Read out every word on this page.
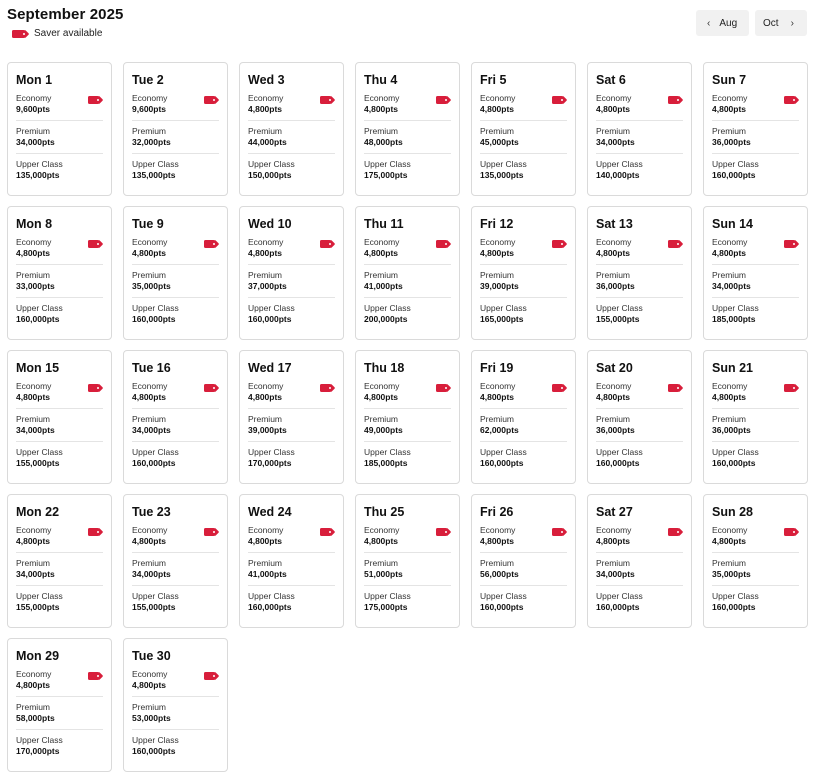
September 2025
Saver available
‹ Aug	Oct ›
Mon 1
Economy
9,600pts
Premium
34,000pts
Upper Class
135,000pts
Tue 2
Economy
9,600pts
Premium
32,000pts
Upper Class
135,000pts
Wed 3
Economy
4,800pts
Premium
44,000pts
Upper Class
150,000pts
Thu 4
Economy
4,800pts
Premium
48,000pts
Upper Class
175,000pts
Fri 5
Economy
4,800pts
Premium
45,000pts
Upper Class
135,000pts
Sat 6
Economy
4,800pts
Premium
34,000pts
Upper Class
140,000pts
Sun 7
Economy
4,800pts
Premium
36,000pts
Upper Class
160,000pts
Mon 8
Economy
4,800pts
Premium
33,000pts
Upper Class
160,000pts
Tue 9
Economy
4,800pts
Premium
35,000pts
Upper Class
160,000pts
Wed 10
Economy
4,800pts
Premium
37,000pts
Upper Class
160,000pts
Thu 11
Economy
4,800pts
Premium
41,000pts
Upper Class
200,000pts
Fri 12
Economy
4,800pts
Premium
39,000pts
Upper Class
165,000pts
Sat 13
Economy
4,800pts
Premium
36,000pts
Upper Class
155,000pts
Sun 14
Economy
4,800pts
Premium
34,000pts
Upper Class
185,000pts
Mon 15
Economy
4,800pts
Premium
34,000pts
Upper Class
155,000pts
Tue 16
Economy
4,800pts
Premium
34,000pts
Upper Class
160,000pts
Wed 17
Economy
4,800pts
Premium
39,000pts
Upper Class
170,000pts
Thu 18
Economy
4,800pts
Premium
49,000pts
Upper Class
185,000pts
Fri 19
Economy
4,800pts
Premium
62,000pts
Upper Class
160,000pts
Sat 20
Economy
4,800pts
Premium
36,000pts
Upper Class
160,000pts
Sun 21
Economy
4,800pts
Premium
36,000pts
Upper Class
160,000pts
Mon 22
Economy
4,800pts
Premium
34,000pts
Upper Class
155,000pts
Tue 23
Economy
4,800pts
Premium
34,000pts
Upper Class
155,000pts
Wed 24
Economy
4,800pts
Premium
41,000pts
Upper Class
160,000pts
Thu 25
Economy
4,800pts
Premium
51,000pts
Upper Class
175,000pts
Fri 26
Economy
4,800pts
Premium
56,000pts
Upper Class
160,000pts
Sat 27
Economy
4,800pts
Premium
34,000pts
Upper Class
160,000pts
Sun 28
Economy
4,800pts
Premium
35,000pts
Upper Class
160,000pts
Mon 29
Economy
4,800pts
Premium
58,000pts
Upper Class
170,000pts
Tue 30
Economy
4,800pts
Premium
53,000pts
Upper Class
160,000pts
